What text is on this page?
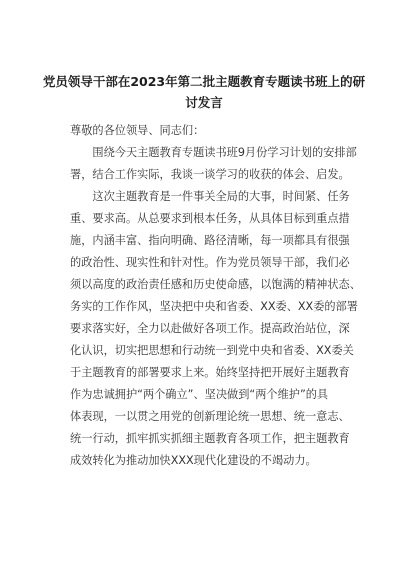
党员领导干部在2023年第二批主题教育专题读书班上的研
讨发言
尊敬的各位领导、同志们：
　　围绕今天主题教育专题读书班9月份学习计划的安排部
署，结合工作实际，我谈一谈学习的收获的体会、启发。
　　这次主题教育是一件事关全局的大事，时间紧、任务
重、要求高。从总要求到根本任务，从具体目标到重点措
施，内涵丰富、指向明确、路径清晰，每一项都具有很强
的政治性、现实性和针对性。作为党员领导干部，我们必
须以高度的政治责任感和历史使命感，以饱满的精神状态、
务实的工作作风，坚决把中央和省委、XX委、XX委的部署
要求落实好，全力以赴做好各项工作。提高政治站位，深
化认识，切实把思想和行动统一到党中央和省委、XX委关
于主题教育的部署要求上来。始终坚持把开展好主题教育
作为忠诚拥护“两个确立”、坚决做到“两个维护”的具
体表现，一以贯之用党的创新理论统一思想、统一意志、
统一行动，抓牢抓实抓细主题教育各项工作，把主题教育
成效转化为推动加快XXX现代化建设的不竭动力。
